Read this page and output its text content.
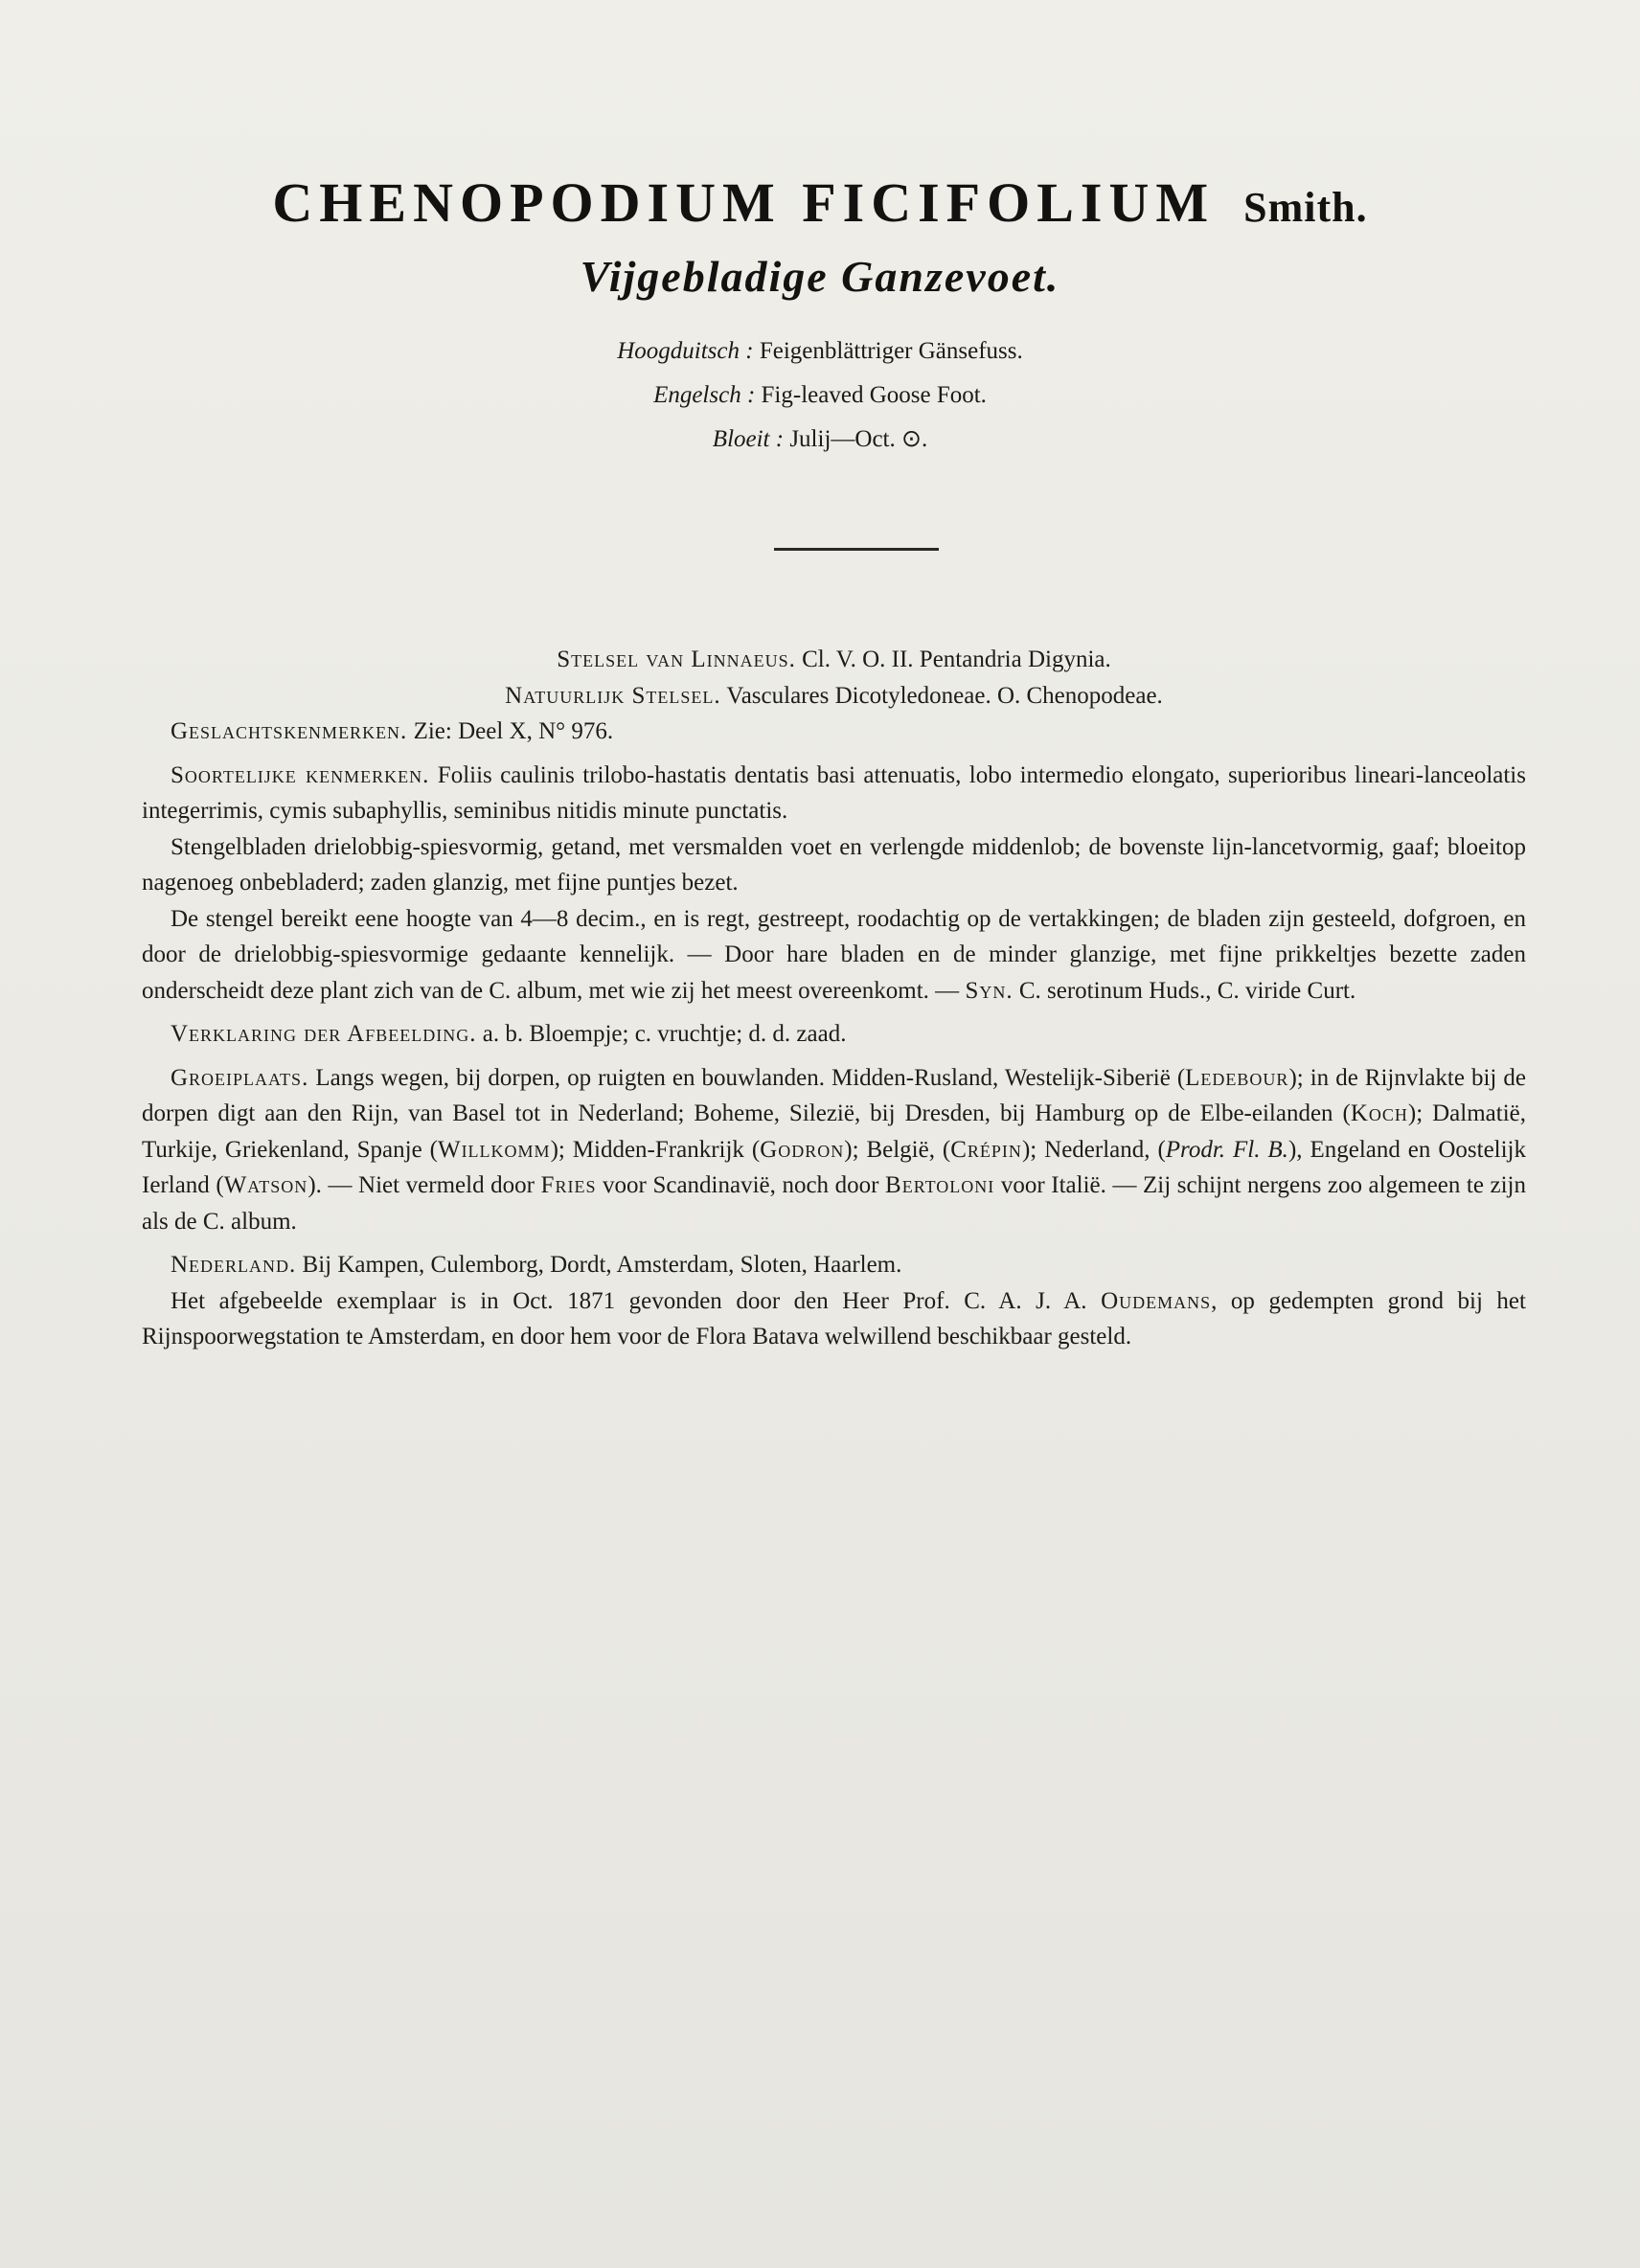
CHENOPODIUM FICIFOLIUM Smith.
Vijgebladige Ganzevoet.
Hoogduitsch : Feigenblättriger Gänsefuss.
Engelsch : Fig-leaved Goose Foot.
Bloeit : Julij—Oct. ⊙.

Stelsel van Linnaeus. Cl. V. O. II. Pentandria Digynia.

Natuurlijk Stelsel. Vasculares Dicotyledoneae. O. Chenopodeae.

Geslachtskenmerken. Zie: Deel X, N° 976.

Soortelijke kenmerken. Foliis caulinis trilobo-hastatis dentatis basi attenuatis, lobo intermedio elongato, superioribus lineari-lanceolatis integerrimis, cymis subaphyllis, seminibus nitidis minute punctatis.

Stengelbladen drielobbig-spiesvormig, getand, met versmalden voet en verlengde middenlob; de bovenste lijn-lancetvormig, gaaf; bloeitop nagenoeg onbebladerd; zaden glanzig, met fijne puntjes bezet.

De stengel bereikt eene hoogte van 4—8 decim., en is regt, gestreept, roodachtig op de vertakkingen; de bladen zijn gesteeld, dofgroen, en door de drielobbig-spiesvormige gedaante kennelijk. — Door hare bladen en de minder glanzige, met fijne prikkeltjes bezette zaden onderscheidt deze plant zich van de C. album, met wie zij het meest overeenkomt. — Syn. C. serotinum Huds., C. viride Curt.

Verklaring der Afbeelding. a. b. Bloempje; c. vruchtje; d. d. zaad.

Groeiplaats. Langs wegen, bij dorpen, op ruigten en bouwlanden. Midden-Rusland, Westelijk-Siberië (Ledebour); in de Rijnvlakte bij de dorpen digt aan den Rijn, van Basel tot in Nederland; Boheme, Silezië, bij Dresden, bij Hamburg op de Elbe-eilanden (Koch); Dalmatië, Turkije, Griekenland, Spanje (Willkomm); Midden-Frankrijk (Godron); België, (Crépin); Nederland, (Prodr. Fl. B.), Engeland en Oostelijk Ierland (Watson). — Niet vermeld door Fries voor Scandinavië, noch door Bertoloni voor Italië. — Zij schijnt nergens zoo algemeen te zijn als de C. album.

Nederland. Bij Kampen, Culemborg, Dordt, Amsterdam, Sloten, Haarlem.

Het afgebeelde exemplaar is in Oct. 1871 gevonden door den Heer Prof. C. A. J. A. Oudemans, op gedempten grond bij het Rijnspoorwegstation te Amsterdam, en door hem voor de Flora Batava welwillend beschikbaar gesteld.
